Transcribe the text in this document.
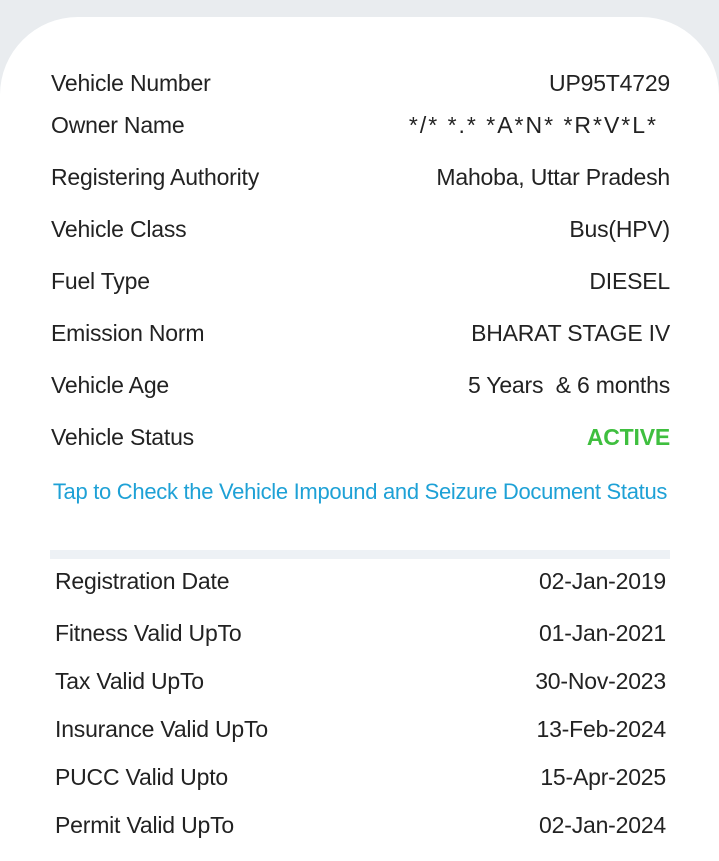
Vehicle Number	UP95T4729
Owner Name	*/* *.* *A*N* *R*V*L*
Registering Authority	Mahoba, Uttar Pradesh
Vehicle Class	Bus(HPV)
Fuel Type	DIESEL
Emission Norm	BHARAT STAGE IV
Vehicle Age	5 Years  & 6 months
Vehicle Status	ACTIVE
Tap to Check the Vehicle Impound and Seizure Document Status
Registration Date	02-Jan-2019
Fitness Valid UpTo	01-Jan-2021
Tax Valid UpTo	30-Nov-2023
Insurance Valid UpTo	13-Feb-2024
PUCC Valid Upto	15-Apr-2025
Permit Valid UpTo	02-Jan-2024
